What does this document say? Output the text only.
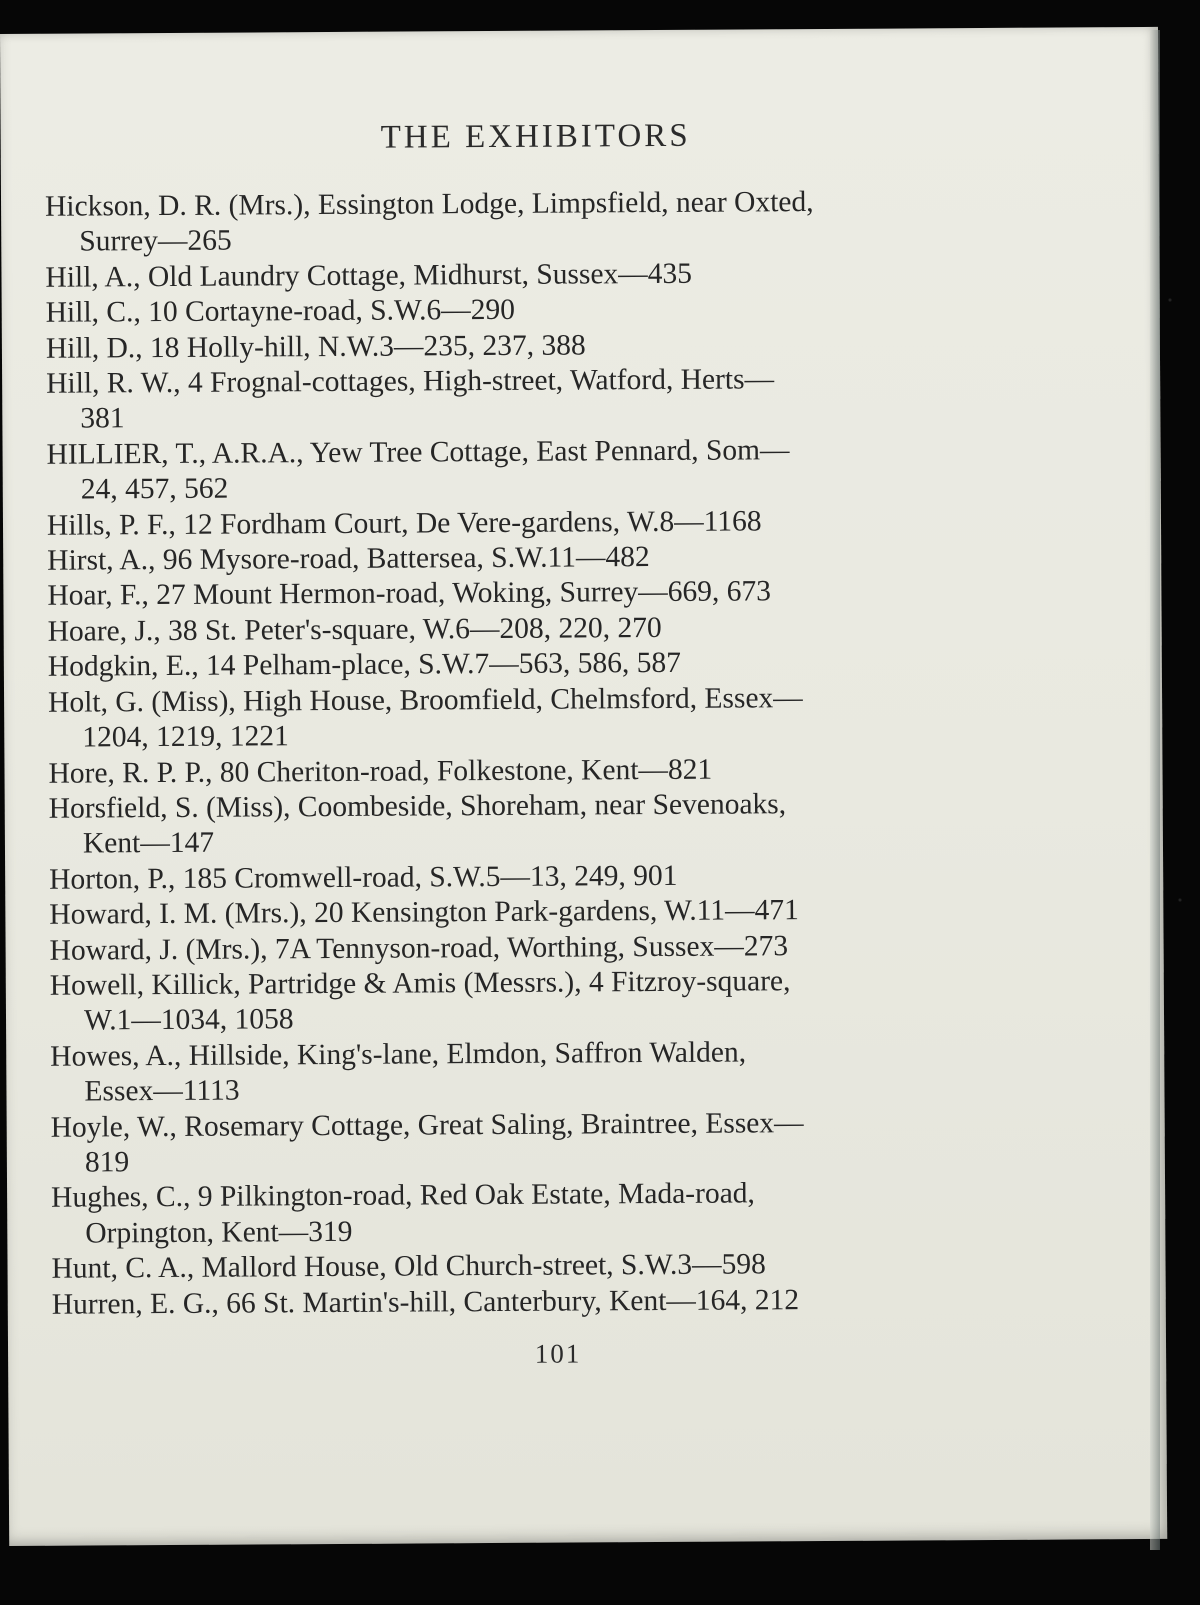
THE EXHIBITORS
Hickson, D. R. (Mrs.), Essington Lodge, Limpsfield, near Oxted,
Surrey—265
Hill, A., Old Laundry Cottage, Midhurst, Sussex—435
Hill, C., 10 Cortayne-road, S.W.6—290
Hill, D., 18 Holly-hill, N.W.3—235, 237, 388
Hill, R. W., 4 Frognal-cottages, High-street, Watford, Herts—
381
HILLIER, T., A.R.A., Yew Tree Cottage, East Pennard, Som—
24, 457, 562
Hills, P. F., 12 Fordham Court, De Vere-gardens, W.8—1168
Hirst, A., 96 Mysore-road, Battersea, S.W.11—482
Hoar, F., 27 Mount Hermon-road, Woking, Surrey—669, 673
Hoare, J., 38 St. Peter's-square, W.6—208, 220, 270
Hodgkin, E., 14 Pelham-place, S.W.7—563, 586, 587
Holt, G. (Miss), High House, Broomfield, Chelmsford, Essex—
1204, 1219, 1221
Hore, R. P. P., 80 Cheriton-road, Folkestone, Kent—821
Horsfield, S. (Miss), Coombeside, Shoreham, near Sevenoaks,
Kent—147
Horton, P., 185 Cromwell-road, S.W.5—13, 249, 901
Howard, I. M. (Mrs.), 20 Kensington Park-gardens, W.11—471
Howard, J. (Mrs.), 7A Tennyson-road, Worthing, Sussex—273
Howell, Killick, Partridge & Amis (Messrs.), 4 Fitzroy-square,
W.1—1034, 1058
Howes, A., Hillside, King's-lane, Elmdon, Saffron Walden,
Essex—1113
Hoyle, W., Rosemary Cottage, Great Saling, Braintree, Essex—
819
Hughes, C., 9 Pilkington-road, Red Oak Estate, Mada-road,
Orpington, Kent—319
Hunt, C. A., Mallord House, Old Church-street, S.W.3—598
Hurren, E. G., 66 St. Martin's-hill, Canterbury, Kent—164, 212
101
